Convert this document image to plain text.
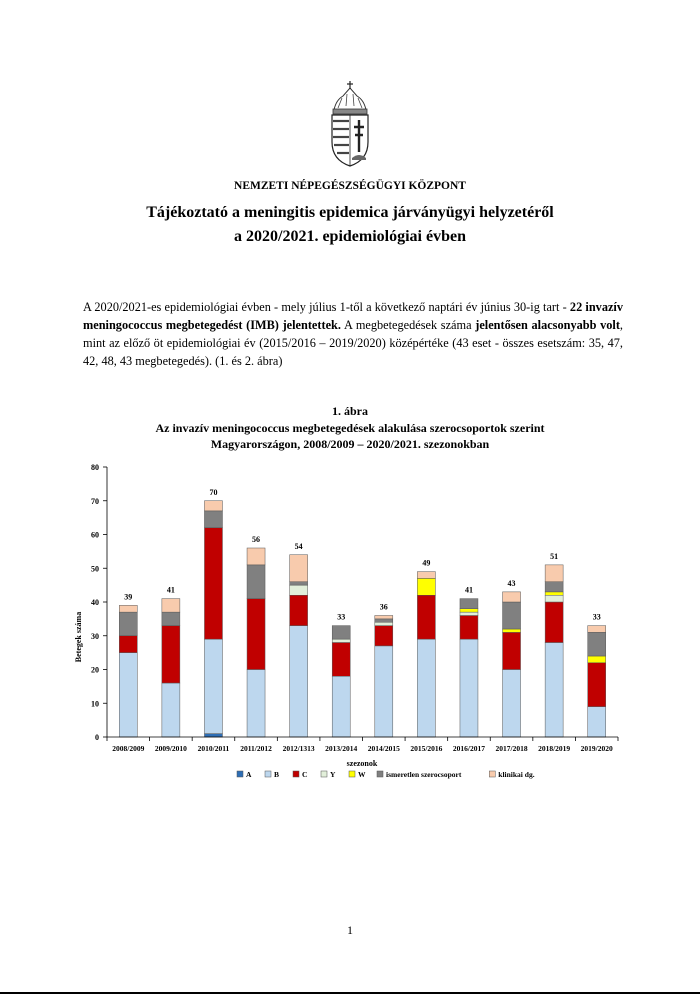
NEMZETI NÉPEGÉSZSÉGÜGYI KÖZPONT
Tájékoztató a meningitis epidemica járványügyi helyzetéről
a 2020/2021. epidemiológiai évben
A 2020/2021-es epidemiológiai évben - mely július 1-től a következő naptári év június 30-ig tart - 22 invazív meningococcus megbetegedést (IMB) jelentettek. A megbetegedések száma jelentősen alacsonyabb volt, mint az előző öt epidemiológiai év (2015/2016 – 2019/2020) középértéke (43 eset - összes esetszám: 35, 47, 42, 48, 43 megbetegedés). (1. és 2. ábra)
1. ábra
Az invazív meningococcus megbetegedések alakulása szerocsoportok szerint
Magyarországon, 2008/2009 – 2020/2021. szezonokban
39
41
70
56
54
33
36
49
41
43
51
33
0
10
20
30
40
50
60
70
80
2008/2009 2009/2010 2010/2011 2011/2012 2012/1313 2013/2014 2014/2015 2015/2016 2016/2017 2017/2018 2018/2019 2019/2020
Betegek száma
szezonok
A	B	C	Y	W	ismeretlen szerocsoport	klinikai dg.
1
